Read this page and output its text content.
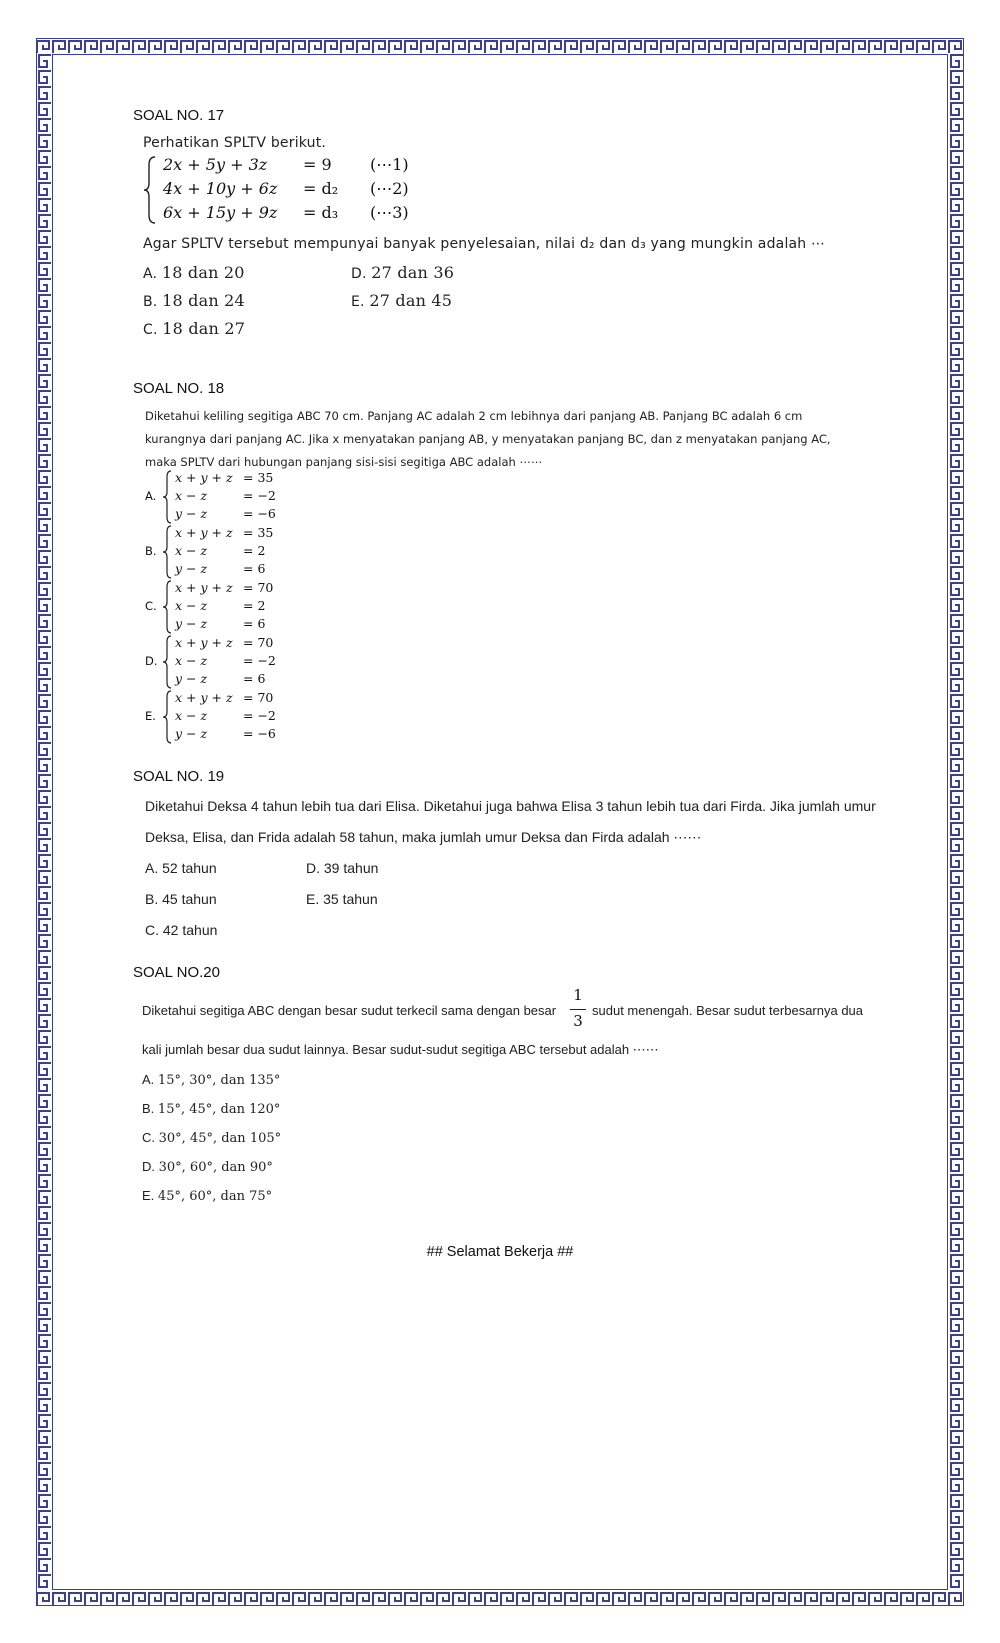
SOAL NO. 17
Perhatikan SPLTV berikut.
2x + 5y + 3z = 9 (⋯1)
4x + 10y + 6z = d₂ (⋯2)
6x + 15y + 9z = d₃ (⋯3)
Agar SPLTV tersebut mempunyai banyak penyelesaian, nilai d₂ dan d₃ yang mungkin adalah ⋯
A. 18 dan 20
B. 18 dan 24
C. 18 dan 27
D. 27 dan 36
E. 27 dan 45
SOAL NO. 18
Diketahui keliling segitiga ABC 70 cm. Panjang AC adalah 2 cm lebihnya dari panjang AB. Panjang BC adalah 6 cm
kurangnya dari panjang AC. Jika x menyatakan panjang AB, y menyatakan panjang BC, dan z menyatakan panjang AC,
maka SPLTV dari hubungan panjang sisi-sisi segitiga ABC adalah ⋯⋯
A.
x + y + z = 35
x − z	= −2
y − z	= −6
B.
x + y + z = 35
x − z	= 2
y − z	= 6
C.
x + y + z = 70
x − z	= 2
y − z	= 6
D.
x + y + z = 70
x − z	= −2
y − z	= 6
E.
x + y + z = 70
x − z	= −2
y − z	= −6
SOAL NO. 19
Diketahui Deksa 4 tahun lebih tua dari Elisa. Diketahui juga bahwa Elisa 3 tahun lebih tua dari Firda. Jika jumlah umur
Deksa, Elisa, dan Frida adalah 58 tahun, maka jumlah umur Deksa dan Firda adalah ⋯⋯
A. 52 tahun
B. 45 tahun
C. 42 tahun
D. 39 tahun
E. 35 tahun
SOAL NO.20
Diketahui segitiga ABC dengan besar sudut terkecil sama dengan besar
1
3
sudut menengah. Besar sudut terbesarnya dua
kali jumlah besar dua sudut lainnya. Besar sudut-sudut segitiga ABC tersebut adalah ⋯⋯
A. 15°, 30°, dan 135°
B. 15°, 45°, dan 120°
C. 30°, 45°, dan 105°
D. 30°, 60°, dan 90°
E. 45°, 60°, dan 75°
## Selamat Bekerja ##
